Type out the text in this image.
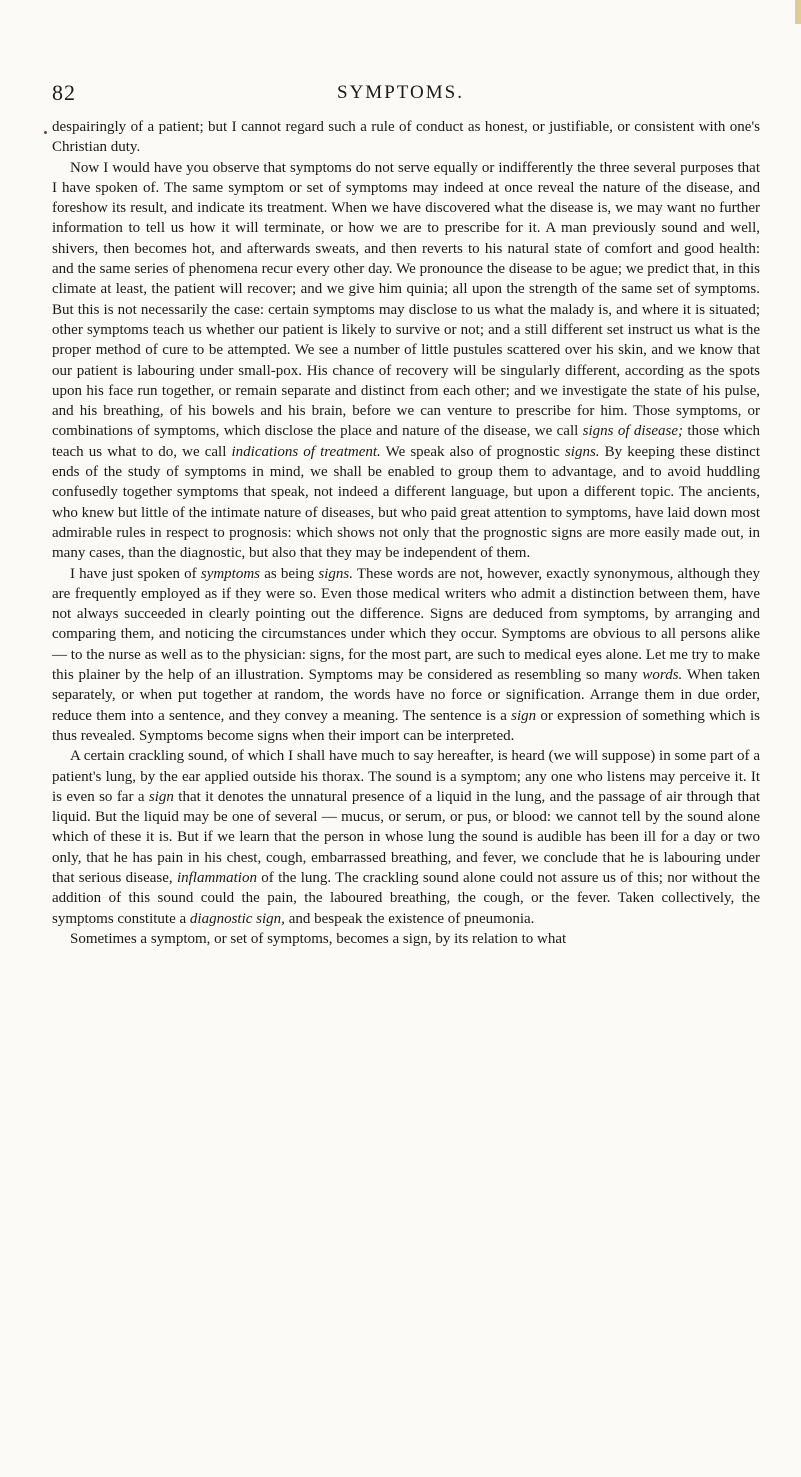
82	SYMPTOMS.

despairingly of a patient; but I cannot regard such a rule of conduct as honest, or justifiable, or consistent with one's Christian duty.

Now I would have you observe that symptoms do not serve equally or indifferently the three several purposes that I have spoken of. The same symptom or set of symptoms may indeed at once reveal the nature of the disease, and foreshow its result, and indicate its treatment. When we have discovered what the disease is, we may want no further information to tell us how it will terminate, or how we are to prescribe for it. A man previously sound and well, shivers, then becomes hot, and afterwards sweats, and then reverts to his natural state of comfort and good health: and the same series of phenomena recur every other day. We pronounce the disease to be ague; we predict that, in this climate at least, the patient will recover; and we give him quinia; all upon the strength of the same set of symptoms. But this is not necessarily the case: certain symptoms may disclose to us what the malady is, and where it is situated; other symptoms teach us whether our patient is likely to survive or not; and a still different set instruct us what is the proper method of cure to be attempted. We see a number of little pustules scattered over his skin, and we know that our patient is labouring under small-pox. His chance of recovery will be singularly different, according as the spots upon his face run together, or remain separate and distinct from each other; and we investigate the state of his pulse, and his breathing, of his bowels and his brain, before we can venture to prescribe for him. Those symptoms, or combinations of symptoms, which disclose the place and nature of the disease, we call signs of disease; those which teach us what to do, we call indications of treatment. We speak also of prognostic signs. By keeping these distinct ends of the study of symptoms in mind, we shall be enabled to group them to advantage, and to avoid huddling confusedly together symptoms that speak, not indeed a different language, but upon a different topic. The ancients, who knew but little of the intimate nature of diseases, but who paid great attention to symptoms, have laid down most admirable rules in respect to prognosis: which shows not only that the prognostic signs are more easily made out, in many cases, than the diagnostic, but also that they may be independent of them.

I have just spoken of symptoms as being signs. These words are not, however, exactly synonymous, although they are frequently employed as if they were so. Even those medical writers who admit a distinction between them, have not always succeeded in clearly pointing out the difference. Signs are deduced from symptoms, by arranging and comparing them, and noticing the circumstances under which they occur. Symptoms are obvious to all persons alike — to the nurse as well as to the physician: signs, for the most part, are such to medical eyes alone. Let me try to make this plainer by the help of an illustration. Symptoms may be considered as resembling so many words. When taken separately, or when put together at random, the words have no force or signification. Arrange them in due order, reduce them into a sentence, and they convey a meaning. The sentence is a sign or expression of something which is thus revealed. Symptoms become signs when their import can be interpreted.

A certain crackling sound, of which I shall have much to say hereafter, is heard (we will suppose) in some part of a patient's lung, by the ear applied outside his thorax. The sound is a symptom; any one who listens may perceive it. It is even so far a sign that it denotes the unnatural presence of a liquid in the lung, and the passage of air through that liquid. But the liquid may be one of several — mucus, or serum, or pus, or blood: we cannot tell by the sound alone which of these it is. But if we learn that the person in whose lung the sound is audible has been ill for a day or two only, that he has pain in his chest, cough, embarrassed breathing, and fever, we conclude that he is labouring under that serious disease, inflammation of the lung. The crackling sound alone could not assure us of this; nor without the addition of this sound could the pain, the laboured breathing, the cough, or the fever. Taken collectively, the symptoms constitute a diagnostic sign, and bespeak the existence of pneumonia.

Sometimes a symptom, or set of symptoms, becomes a sign, by its relation to what
